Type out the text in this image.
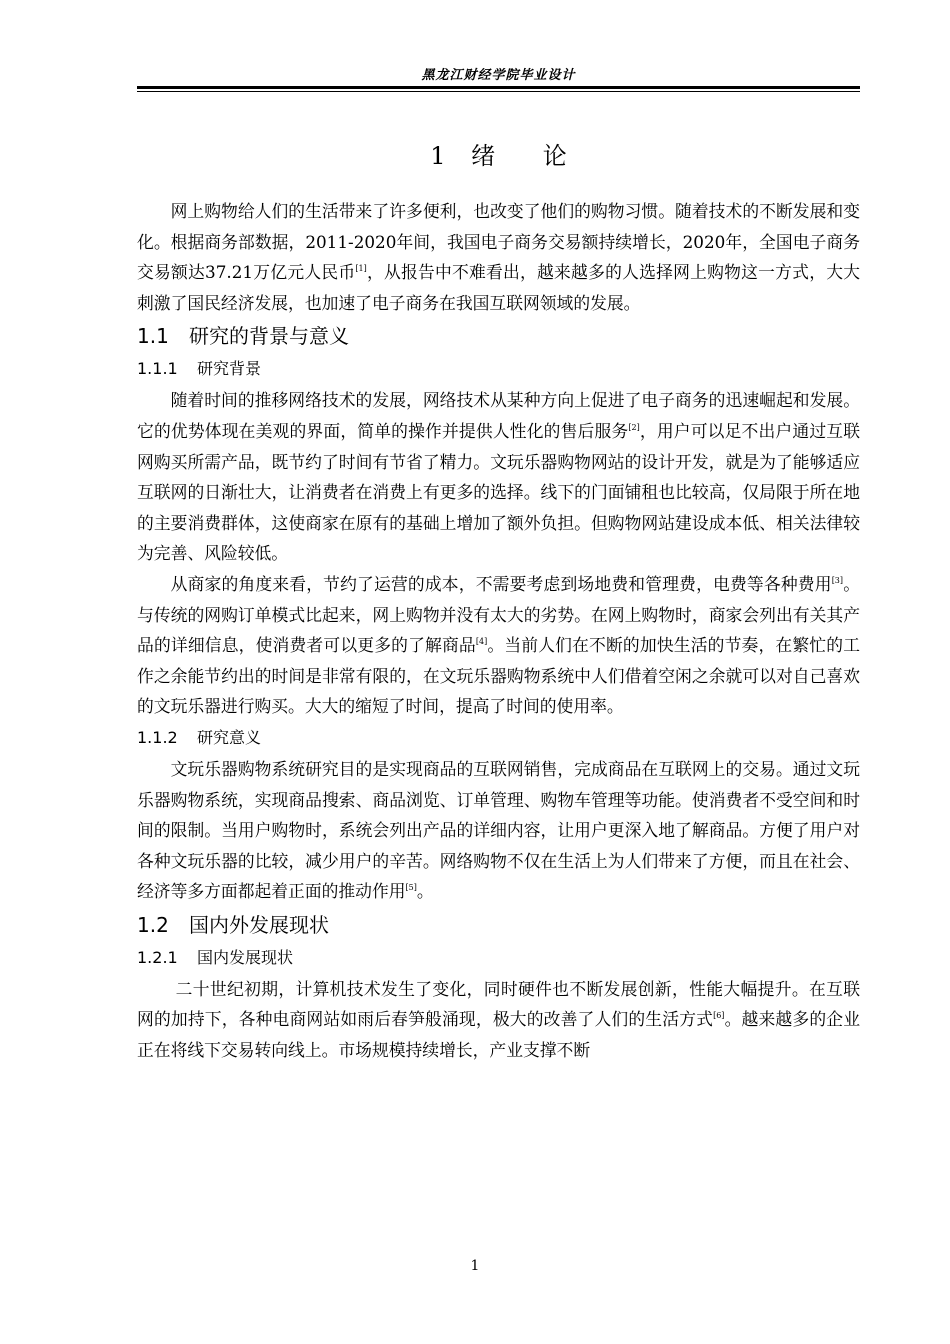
黑龙江财经学院毕业设计
1 绪 论

网上购物给人们的生活带来了许多便利，也改变了他们的购物习惯。随着技术的不断发展和变化。根据商务部数据，2011-2020年间，我国电子商务交易额持续增长，2020年，全国电子商务交易额达37.21万亿元人民币[1]，从报告中不难看出，越来越多的人选择网上购物这一方式，大大刺激了国民经济发展，也加速了电子商务在我国互联网领域的发展。

1.1 研究的背景与意义
1.1.1 研究背景

随着时间的推移网络技术的发展，网络技术从某种方向上促进了电子商务的迅速崛起和发展。它的优势体现在美观的界面，简单的操作并提供人性化的售后服务[2]，用户可以足不出户通过互联网购买所需产品，既节约了时间有节省了精力。文玩乐器购物网站的设计开发，就是为了能够适应互联网的日渐壮大，让消费者在消费上有更多的选择。线下的门面铺租也比较高，仅局限于所在地的主要消费群体，这使商家在原有的基础上增加了额外负担。但购物网站建设成本低、相关法律较为完善、风险较低。

从商家的角度来看，节约了运营的成本，不需要考虑到场地费和管理费，电费等各种费用[3]。与传统的网购订单模式比起来，网上购物并没有太大的劣势。在网上购物时，商家会列出有关其产品的详细信息，使消费者可以更多的了解商品[4]。当前人们在不断的加快生活的节奏，在繁忙的工作之余能节约出的时间是非常有限的，在文玩乐器购物系统中人们借着空闲之余就可以对自己喜欢的文玩乐器进行购买。大大的缩短了时间，提高了时间的使用率。

1.1.2 研究意义

文玩乐器购物系统研究目的是实现商品的互联网销售，完成商品在互联网上的交易。通过文玩乐器购物系统，实现商品搜索、商品浏览、订单管理、购物车管理等功能。使消费者不受空间和时间的限制。当用户购物时，系统会列出产品的详细内容，让用户更深入地了解商品。方便了用户对各种文玩乐器的比较，减少用户的辛苦。网络购物不仅在生活上为人们带来了方便，而且在社会、经济等多方面都起着正面的推动作用[5]。

1.2 国内外发展现状
1.2.1 国内发展现状

二十世纪初期，计算机技术发生了变化，同时硬件也不断发展创新，性能大幅提升。在互联网的加持下，各种电商网站如雨后春笋般涌现，极大的改善了人们的生活方式[6]。越来越多的企业正在将线下交易转向线上。市场规模持续增长，产业支撑不断

1
